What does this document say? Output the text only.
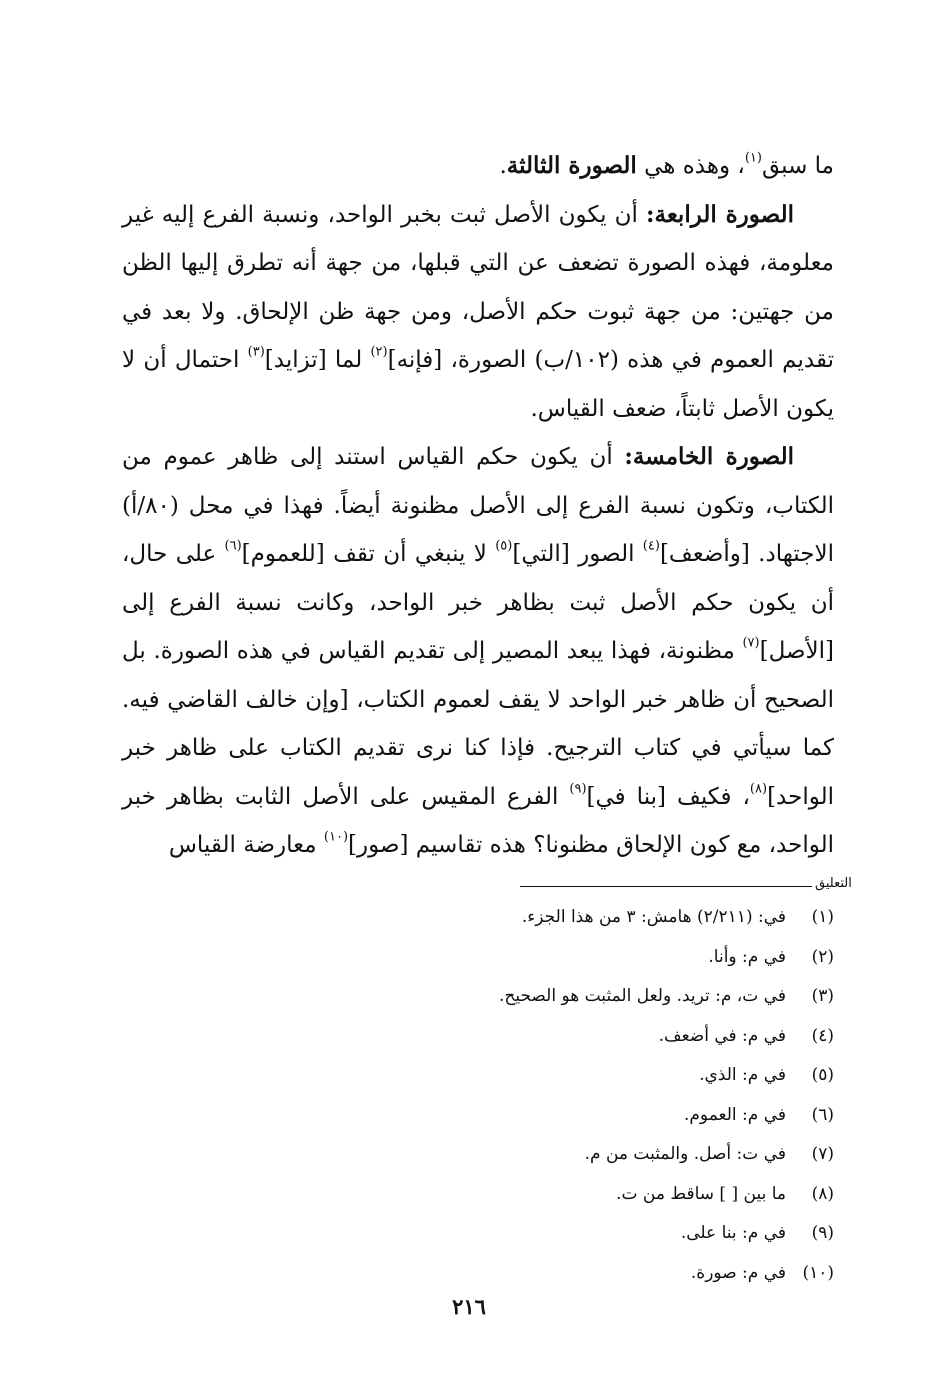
ما سبق$^{(١)}$، وهذه هي الصورة الثالثة.

الصورة الرابعة: أن يكون الأصل ثبت بخبر الواحد، ونسبة الفرع إليه غير معلومة، فهذه الصورة تضعف عن التي قبلها، من جهة أنه تطرق إليها الظن من جهتين: من جهة ثبوت حكم الأصل، ومن جهة ظن الإلحاق. ولا بعد في تقديم العموم في هذه (١٠٢/ب) الصورة، [فإنه]$^{(٢)}$ لما [تزايد]$^{(٣)}$ احتمال أن لا يكون الأصل ثابتاً، ضعف القياس.

الصورة الخامسة: أن يكون حكم القياس استند إلى ظاهر عموم من الكتاب، وتكون نسبة الفرع إلى الأصل مظنونة أيضاً. فهذا في محل (٨٠/أ) الاجتهاد. [وأضعف]$^{(٤)}$ الصور [التي]$^{(٥)}$ لا ينبغي أن تقف [للعموم]$^{(٦)}$ على حال، أن يكون حكم الأصل ثبت بظاهر خبر الواحد، وكانت نسبة الفرع إلى [الأصل]$^{(٧)}$ مظنونة، فهذا يبعد المصير إلى تقديم القياس في هذه الصورة. بل الصحيح أن ظاهر خبر الواحد لا يقف لعموم الكتاب، [وإن خالف القاضي فيه. كما سيأتي في كتاب الترجيح. فإذا كنا نرى تقديم الكتاب على ظاهر خبر الواحد]$^{(٨)}$، فكيف [بنا في]$^{(٩)}$ الفرع المقيس على الأصل الثابت بظاهر خبر الواحد، مع كون الإلحاق مظنونا؟ هذه تقاسيم [صور]$^{(١٠)}$ معارضة القياس

التعليق
(١)
في: (٢/٢١١) هامش: ٣ من هذا الجزء.
(٢)
في م: وأنا.
(٣)
في ت، م: تريد. ولعل المثبت هو الصحيح.
(٤)
في م: في أضعف.
(٥)
في م: الذي.
(٦)
في م: العموم.
(٧)
في ت: أصل. والمثبت من م.
(٨)
ما بين [ ] ساقط من ت.
(٩)
في م: بنا على.
(١٠)
في م: صورة.
٢١٦
